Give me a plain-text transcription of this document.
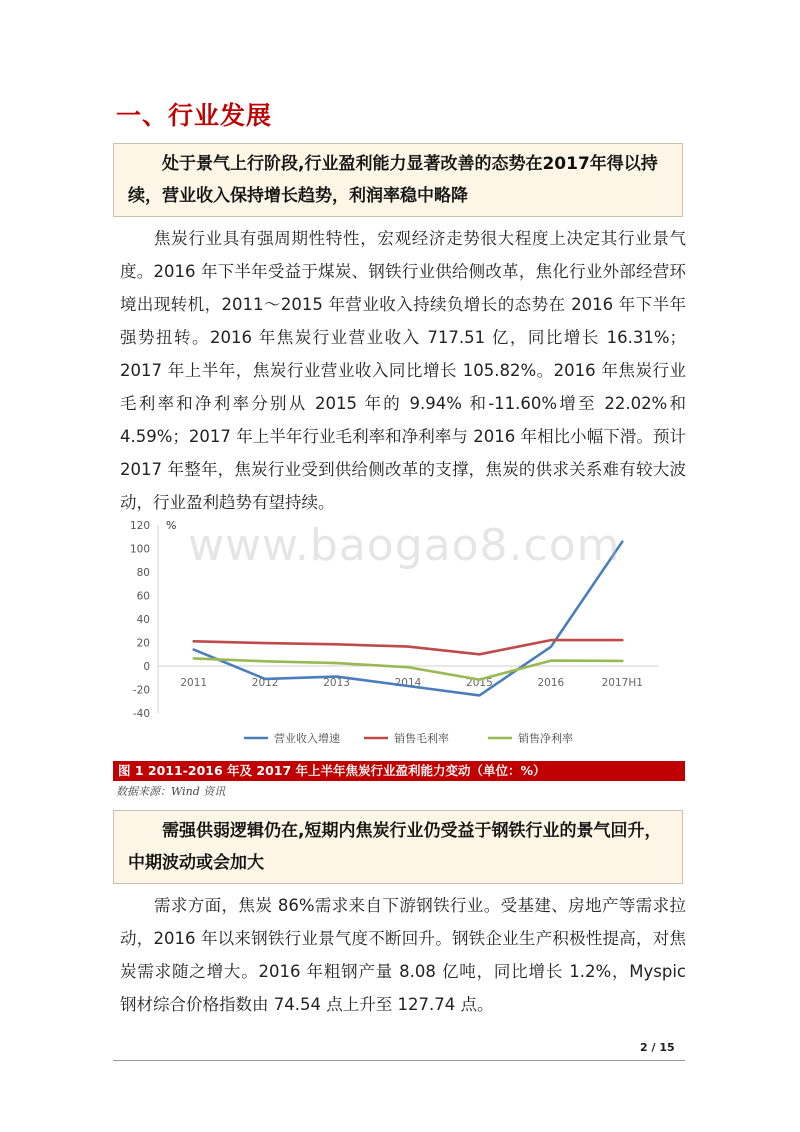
一、行业发展
处于景气上行阶段,行业盈利能力显著改善的态势在2017年得以持续，营业收入保持增长趋势，利润率稳中略降

焦炭行业具有强周期性特性，宏观经济走势很大程度上决定其行业景气度。2016 年下半年受益于煤炭、钢铁行业供给侧改革，焦化行业外部经营环境出现转机，2011～2015 年营业收入持续负增长的态势在 2016 年下半年强势扭转。2016 年焦炭行业营业收入 717.51 亿，同比增长 16.31%；2017 年上半年，焦炭行业营业收入同比增长 105.82%。2016 年焦炭行业毛利率和净利率分别从 2015 年的 9.94% 和-11.60%增至 22.02%和 4.59%；2017 年上半年行业毛利率和净利率与 2016 年相比小幅下滑。预计 2017 年整年，焦炭行业受到供给侧改革的支撑，焦炭的供求关系难有较大波动，行业盈利趋势有望持续。

120
100
80
60
40
20
0
-20
-40
%
2011	2012	2013	2014	2015	2016	2017H1
营业收入增速	销售毛利率	销售净利率
www.baogao8.com
图 1 2011-2016 年及 2017 年上半年焦炭行业盈利能力变动（单位：%）
数据来源：Wind 资讯
需强供弱逻辑仍在,短期内焦炭行业仍受益于钢铁行业的景气回升，中期波动或会加大

需求方面，焦炭 86%需求来自下游钢铁行业。受基建、房地产等需求拉动，2016 年以来钢铁行业景气度不断回升。钢铁企业生产积极性提高，对焦炭需求随之增大。2016 年粗钢产量 8.08 亿吨，同比增长 1.2%，Myspic 钢材综合价格指数由 74.54 点上升至 127.74 点。

2 / 15
